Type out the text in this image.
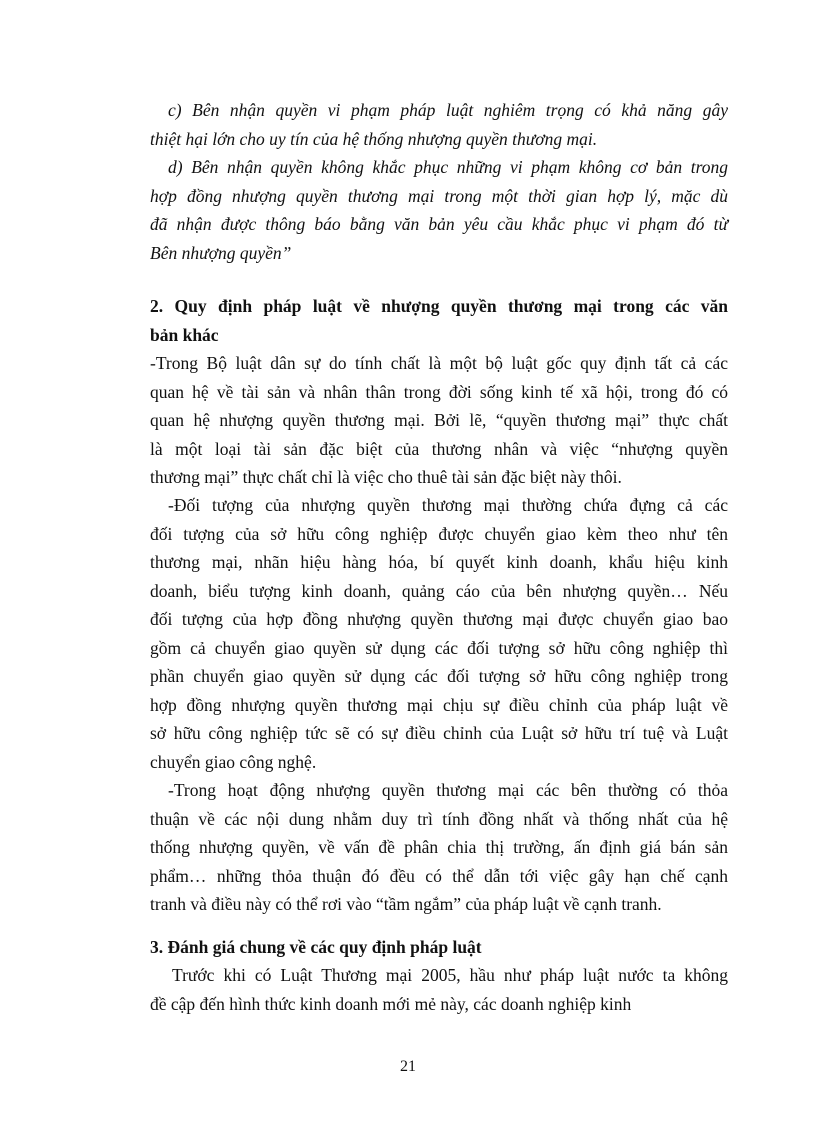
c) Bên nhận quyền vi phạm pháp luật nghiêm trọng có khả năng gây
thiệt hại lớn cho uy tín của hệ thống nhượng quyền thương mại.
d) Bên nhận quyền không khắc phục những vi phạm không cơ bản trong
hợp đồng nhượng quyền thương mại trong một thời gian hợp lý, mặc dù
đã nhận được thông báo bằng văn bản yêu cầu khắc phục vi phạm đó từ
Bên nhượng quyền”
2. Quy định pháp luật về nhượng quyền thương mại trong các văn
bản khác
-Trong Bộ luật dân sự do tính chất là một bộ luật gốc quy định tất cả các
quan hệ về tài sản và nhân thân trong đời sống kinh tế xã hội, trong đó có
quan hệ nhượng quyền thương mại. Bởi lẽ, “quyền thương mại” thực chất
là một loại tài sản đặc biệt của thương nhân và việc “nhượng quyền
thương mại” thực chất chỉ là việc cho thuê tài sản đặc biệt này thôi.
-Đối tượng của nhượng quyền thương mại thường chứa đựng cả các
đối tượng của sở hữu công nghiệp được chuyển giao kèm theo như tên
thương mại, nhãn hiệu hàng hóa, bí quyết kinh doanh, khẩu hiệu kinh
doanh, biểu tượng kinh doanh, quảng cáo của bên nhượng quyền… Nếu
đối tượng của hợp đồng nhượng quyền thương mại được chuyển giao bao
gồm cả chuyển giao quyền sử dụng các đối tượng sở hữu công nghiệp thì
phần chuyển giao quyền sử dụng các đối tượng sở hữu công nghiệp trong
hợp đồng nhượng quyền thương mại chịu sự điều chỉnh của pháp luật về
sở hữu công nghiệp tức sẽ có sự điều chỉnh của Luật sở hữu trí tuệ và Luật
chuyển giao công nghệ.
-Trong hoạt động nhượng quyền thương mại các bên thường có thỏa
thuận về các nội dung nhằm duy trì tính đồng nhất và thống nhất của hệ
thống nhượng quyền, về vấn đề phân chia thị trường, ấn định giá bán sản
phẩm… những thỏa thuận đó đều có thể dẫn tới việc gây hạn chế cạnh
tranh và điều này có thể rơi vào “tầm ngắm” của pháp luật về cạnh tranh.
3. Đánh giá chung về các quy định pháp luật
Trước khi có Luật Thương mại 2005, hầu như pháp luật nước ta không
đề cập đến hình thức kinh doanh mới mẻ này, các doanh nghiệp kinh
21
